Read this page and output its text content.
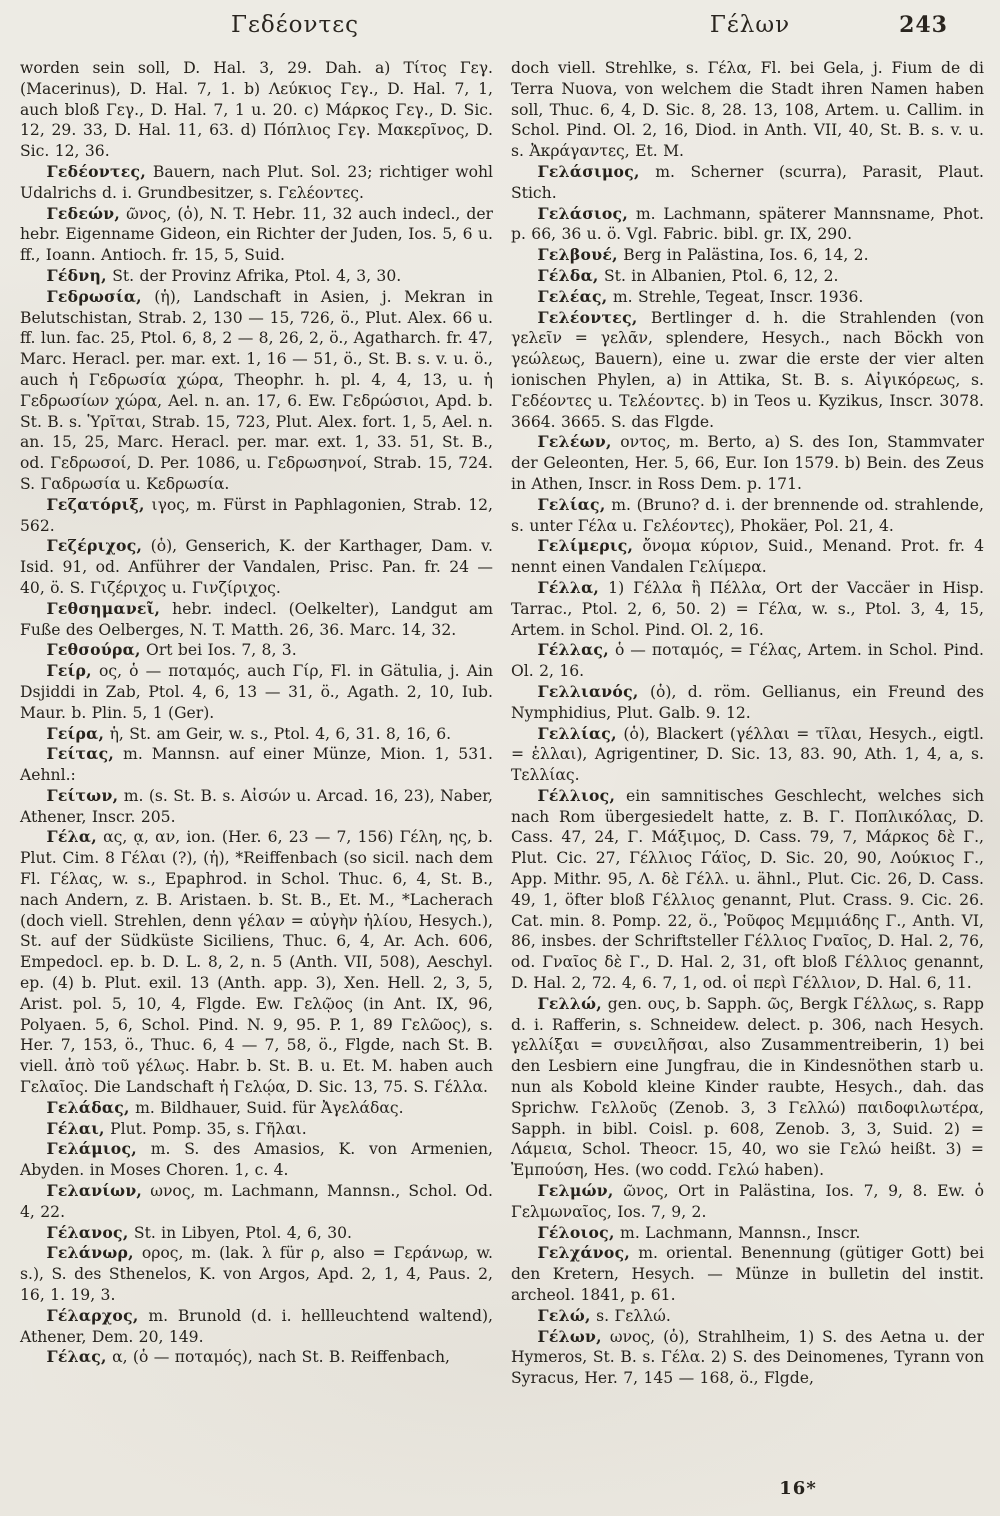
Γεδέοντες	Γέλων	243

worden sein soll, D. Hal. 3, 29. Dah. a) Τίτος Γεγ. (Macerinus), D. Hal. 7, 1. b) Λεύκιος Γεγ., D. Hal. 7, 1, auch bloß Γεγ., D. Hal. 7, 1 u. 20. c) Μάρκος Γεγ., D. Sic. 12, 29. 33, D. Hal. 11, 63. d) Πόπλιος Γεγ. Μακερῖνος, D. Sic. 12, 36.

Γεδέοντες, Bauern, nach Plut. Sol. 23; richtiger wohl Udalrichs d. i. Grundbesitzer, s. Γελέοντες.

Γεδεών, ῶνος, (ὁ), N. T. Hebr. 11, 32 auch indecl., der hebr. Eigenname Gideon, ein Richter der Juden, Ios. 5, 6 u. ff., Ioann. Antioch. fr. 15, 5, Suid.

Γέδνη, St. der Provinz Afrika, Ptol. 4, 3, 30.

Γεδρωσία, (ἡ), Landschaft in Asien, j. Mekran in Belutschistan, Strab. 2, 130 — 15, 726, ö., Plut. Alex. 66 u. ff. lun. fac. 25, Ptol. 6, 8, 2 — 8, 26, 2, ö., Agatharch. fr. 47, Marc. Heracl. per. mar. ext. 1, 16 — 51, ö., St. B. s. v. u. ö., auch ἡ Γεδρωσία χώρα, Theophr. h. pl. 4, 4, 13, u. ἡ Γεδρωσίων χώρα, Ael. n. an. 17, 6. Ew. Γεδρώσιοι, Apd. b. St. B. s. Ὑρῖται, Strab. 15, 723, Plut. Alex. fort. 1, 5, Ael. n. an. 15, 25, Marc. Heracl. per. mar. ext. 1, 33. 51, St. B., od. Γεδρωσοί, D. Per. 1086, u. Γεδρωσηνοί, Strab. 15, 724. S. Γαδρωσία u. Κεδρωσία.

Γεζατόριξ, ιγος, m. Fürst in Paphlagonien, Strab. 12, 562.

Γεζέριχος, (ὁ), Genserich, K. der Karthager, Dam. v. Isid. 91, od. Anführer der Vandalen, Prisc. Pan. fr. 24 — 40, ö. S. Γιζέριχος u. Γινζίριχος.

Γεθσημανεῖ, hebr. indecl. (Oelkelter), Landgut am Fuße des Oelberges, N. T. Matth. 26, 36. Marc. 14, 32.

Γεθσούρα, Ort bei Ios. 7, 8, 3.

Γείρ, ος, ὁ — ποταμός, auch Γίρ, Fl. in Gätulia, j. Ain Dsjiddi in Zab, Ptol. 4, 6, 13 — 31, ö., Agath. 2, 10, Iub. Maur. b. Plin. 5, 1 (Ger).

Γείρα, ἡ, St. am Geir, w. s., Ptol. 4, 6, 31. 8, 16, 6.

Γείτας, m. Mannsn. auf einer Münze, Mion. 1, 531. Aehnl.:

Γείτων, m. (s. St. B. s. Αἰσών u. Arcad. 16, 23), Naber, Athener, Inscr. 205.

Γέλα, ας, ᾳ, αν, ion. (Her. 6, 23 — 7, 156) Γέλη, ης, b. Plut. Cim. 8 Γέλαι (?), (ἡ), *Reiffenbach (so sicil. nach dem Fl. Γέλας, w. s., Epaphrod. in Schol. Thuc. 6, 4, St. B., nach Andern, z. B. Aristaen. b. St. B., Et. M., *Lacherach (doch viell. Strehlen, denn γέλαν = αὐγὴν ἡλίου, Hesych.), St. auf der Südküste Siciliens, Thuc. 6, 4, Ar. Ach. 606, Empedocl. ep. b. D. L. 8, 2, n. 5 (Anth. VII, 508), Aeschyl. ep. (4) b. Plut. exil. 13 (Anth. app. 3), Xen. Hell. 2, 3, 5, Arist. pol. 5, 10, 4, Flgde. Ew. Γελῷος (in Ant. IX, 96, Polyaen. 5, 6, Schol. Pind. N. 9, 95. P. 1, 89 Γελῶος), s. Her. 7, 153, ö., Thuc. 6, 4 — 7, 58, ö., Flgde, nach St. B. viell. ἀπὸ τοῦ γέλως. Habr. b. St. B. u. Et. M. haben auch Γελαῖος. Die Landschaft ἡ Γελῴα, D. Sic. 13, 75. S. Γέλλα.

Γελάδας, m. Bildhauer, Suid. für Ἀγελάδας.

Γέλαι, Plut. Pomp. 35, s. Γῆλαι.

Γελάμιος, m. S. des Amasios, K. von Armenien, Abyden. in Moses Choren. 1, c. 4.

Γελανίων, ωνος, m. Lachmann, Mannsn., Schol. Od. 4, 22.

Γέλανος, St. in Libyen, Ptol. 4, 6, 30.

Γελάνωρ, ορος, m. (lak. λ für ρ, also = Γεράνωρ, w. s.), S. des Sthenelos, K. von Argos, Apd. 2, 1, 4, Paus. 2, 16, 1. 19, 3.

Γέλαρχος, m. Brunold (d. i. hellleuchtend waltend), Athener, Dem. 20, 149.

Γέλας, α, (ὁ — ποταμός), nach St. B. Reiffenbach,

doch viell. Strehlke, s. Γέλα, Fl. bei Gela, j. Fium de di Terra Nuova, von welchem die Stadt ihren Namen haben soll, Thuc. 6, 4, D. Sic. 8, 28. 13, 108, Artem. u. Callim. in Schol. Pind. Ol. 2, 16, Diod. in Anth. VII, 40, St. B. s. v. u. s. Ἀκράγαντες, Et. M.

Γελάσιμος, m. Scherner (scurra), Parasit, Plaut. Stich.

Γελάσιος, m. Lachmann, späterer Mannsname, Phot. p. 66, 36 u. ö. Vgl. Fabric. bibl. gr. IX, 290.

Γελβουέ, Berg in Palästina, Ios. 6, 14, 2.

Γέλδα, St. in Albanien, Ptol. 6, 12, 2.

Γελέας, m. Strehle, Tegeat, Inscr. 1936.

Γελέοντες, Bertlinger d. h. die Strahlenden (von γελεῖν = γελᾶν, splendere, Hesych., nach Böckh von γεώλεως, Bauern), eine u. zwar die erste der vier alten ionischen Phylen, a) in Attika, St. B. s. Αἰγικόρεως, s. Γεδέοντες u. Τελέοντες. b) in Teos u. Kyzikus, Inscr. 3078. 3664. 3665. S. das Flgde.

Γελέων, οντος, m. Berto, a) S. des Ion, Stammvater der Geleonten, Her. 5, 66, Eur. Ion 1579. b) Bein. des Zeus in Athen, Inscr. in Ross Dem. p. 171.

Γελίας, m. (Bruno? d. i. der brennende od. strahlende, s. unter Γέλα u. Γελέοντες), Phokäer, Pol. 21, 4.

Γελίμερις, ὄνομα κύριον, Suid., Menand. Prot. fr. 4 nennt einen Vandalen Γελίμερα.

Γέλλα, 1) Γέλλα ἢ Πέλλα, Ort der Vaccäer in Hisp. Tarrac., Ptol. 2, 6, 50. 2) = Γέλα, w. s., Ptol. 3, 4, 15, Artem. in Schol. Pind. Ol. 2, 16.

Γέλλας, ὁ — ποταμός, = Γέλας, Artem. in Schol. Pind. Ol. 2, 16.

Γελλιανός, (ὁ), d. röm. Gellianus, ein Freund des Nymphidius, Plut. Galb. 9. 12.

Γελλίας, (ὁ), Blackert (γέλλαι = τῖλαι, Hesych., eigtl. = ἑλλαι), Agrigentiner, D. Sic. 13, 83. 90, Ath. 1, 4, a, s. Τελλίας.

Γέλλιος, ein samnitisches Geschlecht, welches sich nach Rom übergesiedelt hatte, z. B. Γ. Ποπλικόλας, D. Cass. 47, 24, Γ. Μάξιμος, D. Cass. 79, 7, Μάρκος δὲ Γ., Plut. Cic. 27, Γέλλιος Γάϊος, D. Sic. 20, 90, Λούκιος Γ., App. Mithr. 95, Λ. δὲ Γέλλ. u. ähnl., Plut. Cic. 26, D. Cass. 49, 1, öfter bloß Γέλλιος genannt, Plut. Crass. 9. Cic. 26. Cat. min. 8. Pomp. 22, ö., Ῥοῦφος Μεμμιάδης Γ., Anth. VI, 86, insbes. der Schriftsteller Γέλλιος Γναῖος, D. Hal. 2, 76, od. Γναῖος δὲ Γ., D. Hal. 2, 31, oft bloß Γέλλιος genannt, D. Hal. 2, 72. 4, 6. 7, 1, od. οἱ περὶ Γέλλιον, D. Hal. 6, 11.

Γελλώ, gen. ους, b. Sapph. ῶς, Bergk Γέλλως, s. Rapp d. i. Rafferin, s. Schneidew. delect. p. 306, nach Hesych. γελλίξαι = συνειλῆσαι, also Zusammentreiberin, 1) bei den Lesbiern eine Jungfrau, die in Kindesnöthen starb u. nun als Kobold kleine Kinder raubte, Hesych., dah. das Sprichw. Γελλοῦς (Zenob. 3, 3 Γελλώ) παιδοφιλωτέρα, Sapph. in bibl. Coisl. p. 608, Zenob. 3, 3, Suid. 2) = Λάμεια, Schol. Theocr. 15, 40, wo sie Γελώ heißt. 3) = Ἐμπούση, Hes. (wo codd. Γελώ haben).

Γελμών, ῶνος, Ort in Palästina, Ios. 7, 9, 8. Ew. ὁ Γελμωναῖος, Ios. 7, 9, 2.

Γέλοιος, m. Lachmann, Mannsn., Inscr.

Γελχάνος, m. oriental. Benennung (gütiger Gott) bei den Kretern, Hesych. — Münze in bulletin del instit. archeol. 1841, p. 61.

Γελώ, s. Γελλώ.

Γέλων, ωνος, (ὁ), Strahlheim, 1) S. des Aetna u. der Hymeros, St. B. s. Γέλα. 2) S. des Deinomenes, Tyrann von Syracus, Her. 7, 145 — 168, ö., Flgde,

16*
